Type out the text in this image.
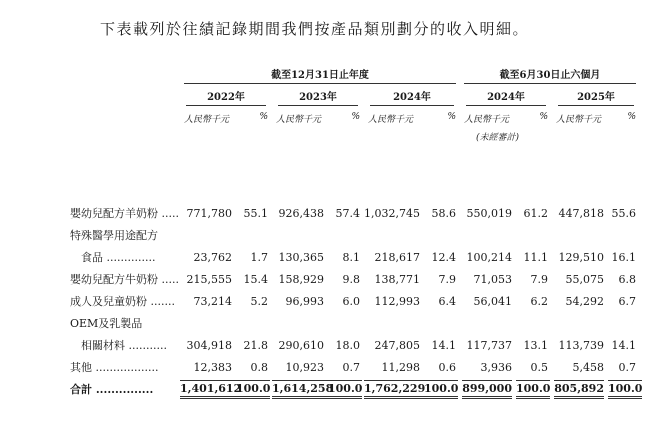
下表載列於往績記錄期間我們按產品類別劃分的收入明細。

	截至12月31日止年度						截至6月30日止六個月			

	2022年		2023年		2024年		2024年		2025年	

	人民幣千元	%	人民幣千元	%	人民幣千元	%	人民幣千元	%	人民幣千元	%
							(未經審計)			

嬰幼兒配方羊奶粉 .....	771,780	55.1	926,438	57.4	1,032,745	58.6	550,019	61.2	447,818	55.6
特殊醫學用途配方										
　食品 ..............	23,762	1.7	130,365	8.1	218,617	12.4	100,214	11.1	129,510	16.1
嬰幼兒配方牛奶粉 .....	215,555	15.4	158,929	9.8	138,771	7.9	71,053	7.9	55,075	6.8
成人及兒童奶粉 .......	73,214	5.2	96,993	6.0	112,993	6.4	56,041	6.2	54,292	6.7
OEM及乳製品										
　相關材料 ...........	304,918	21.8	290,610	18.0	247,805	14.1	117,737	13.1	113,739	14.1
其他 ..................	12,383	0.8	10,923	0.7	11,298	0.6	3,936	0.5	5,458	0.7
合計 ...............	1,401,612	100.0	1,614,258	100.0	1,762,229	100.0	899,000	100.0	805,892	100.0
